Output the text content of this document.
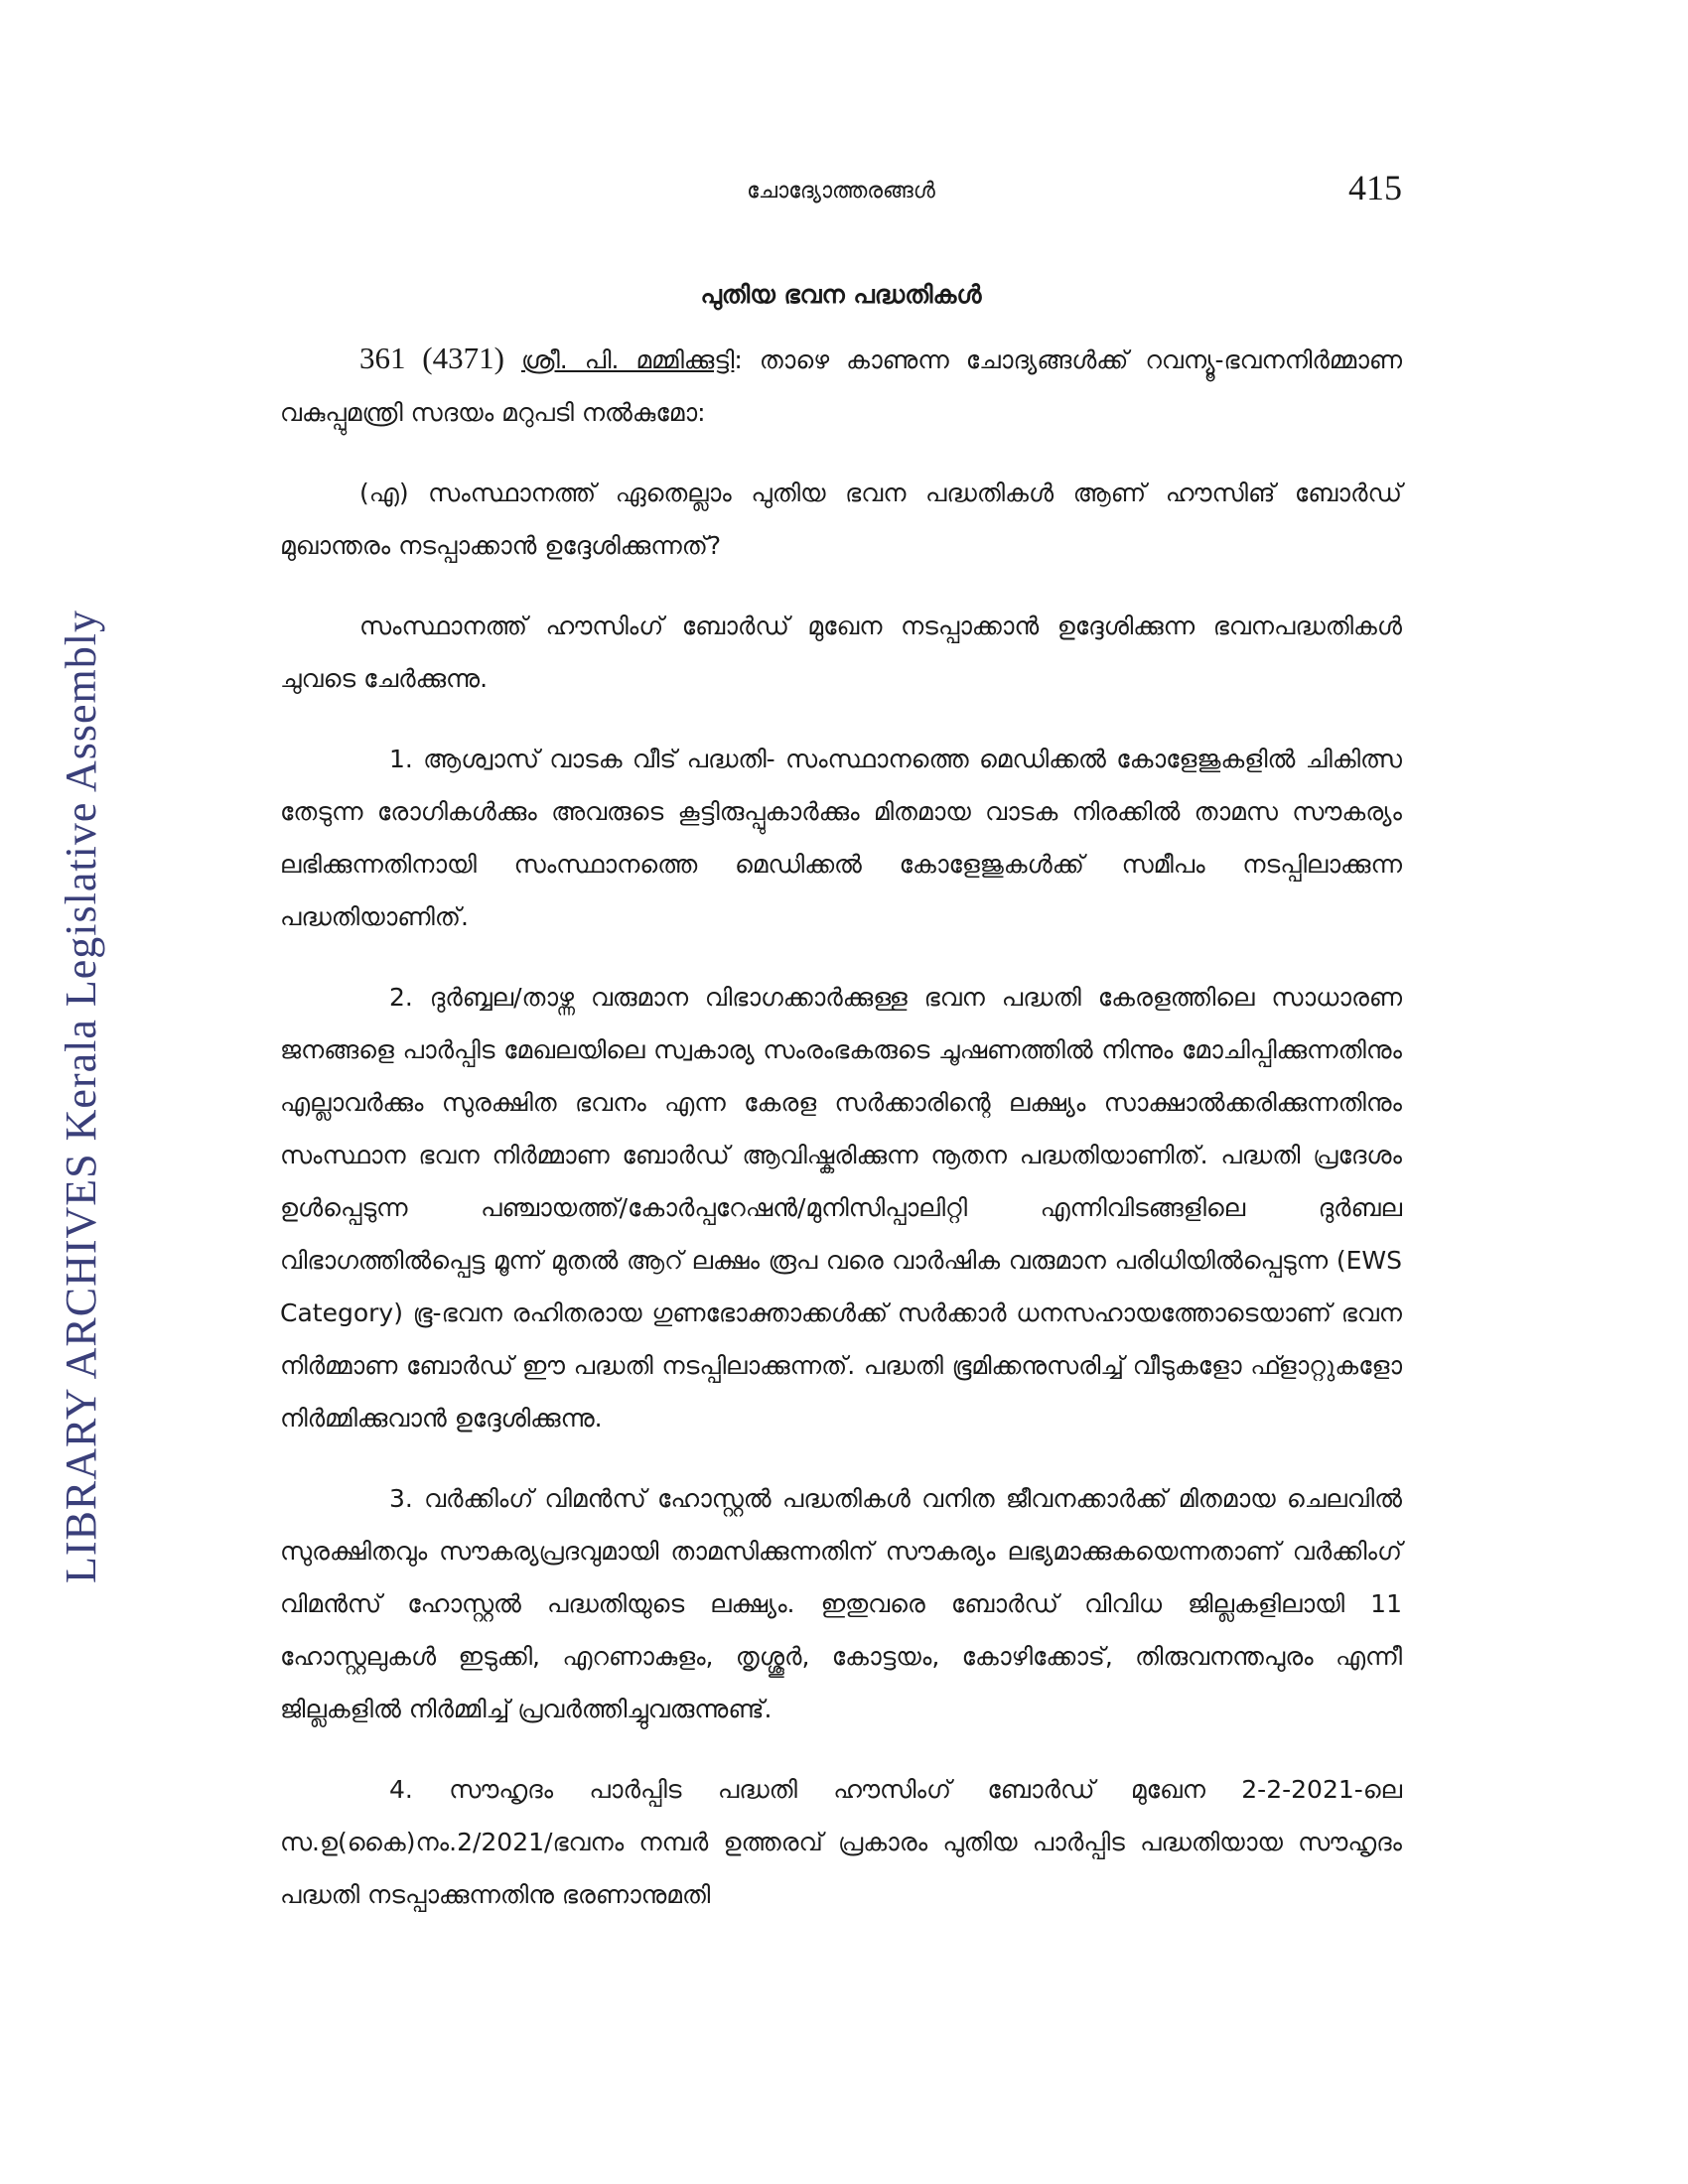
LIBRARY ARCHIVES Kerala Legislative Assembly
ചോദ്യോത്തരങ്ങൾ	415
പുതിയ ഭവന പദ്ധതികൾ

361 (4371) ശ്രീ. പി. മമ്മിക്കുട്ടി: താഴെ കാണുന്ന ചോദ്യങ്ങൾക്ക് റവന്യൂ-ഭവനനിർമ്മാണ വകുപ്പുമന്ത്രി സദയം മറുപടി നൽകുമോ:

(എ) സംസ്ഥാനത്ത് ഏതെല്ലാം പുതിയ ഭവന പദ്ധതികൾ ആണ് ഹൗസിങ് ബോർഡ് മുഖാന്തരം നടപ്പാക്കാൻ ഉദ്ദേശിക്കുന്നത്?

സംസ്ഥാനത്ത് ഹൗസിംഗ് ബോർഡ് മുഖേന നടപ്പാക്കാൻ ഉദ്ദേശിക്കുന്ന ഭവനപദ്ധതികൾ ചുവടെ ചേർക്കുന്നു.

1. ആശ്വാസ് വാടക വീട് പദ്ധതി- സംസ്ഥാനത്തെ മെഡിക്കൽ കോളേജുകളിൽ ചികിത്സ തേടുന്ന രോഗികൾക്കും അവരുടെ കൂട്ടിരുപ്പുകാർക്കും മിതമായ വാടക നിരക്കിൽ താമസ സൗകര്യം ലഭിക്കുന്നതിനായി സംസ്ഥാനത്തെ മെഡിക്കൽ കോളേജുകൾക്ക് സമീപം നടപ്പിലാക്കുന്ന പദ്ധതിയാണിത്.

2. ദുർബ്ബല/താഴ്ന്ന വരുമാന വിഭാഗക്കാർക്കുള്ള ഭവന പദ്ധതി കേരളത്തിലെ സാധാരണ ജനങ്ങളെ പാർപ്പിട മേഖലയിലെ സ്വകാര്യ സംരംഭകരുടെ ചൂഷണത്തിൽ നിന്നും മോചിപ്പിക്കുന്നതിനും എല്ലാവർക്കും സുരക്ഷിത ഭവനം എന്ന കേരള സർക്കാരിന്റെ ലക്ഷ്യം സാക്ഷാൽക്കരിക്കുന്നതിനും സംസ്ഥാന ഭവന നിർമ്മാണ ബോർഡ് ആവിഷ്കരിക്കുന്ന നൂതന പദ്ധതിയാണിത്. പദ്ധതി പ്രദേശം ഉൾപ്പെടുന്ന പഞ്ചായത്ത്/കോർപ്പറേഷൻ/മുനിസിപ്പാലിറ്റി എന്നിവിടങ്ങളിലെ ദുർബല വിഭാഗത്തിൽപ്പെട്ട മൂന്ന് മുതൽ ആറ് ലക്ഷം രൂപ വരെ വാർഷിക വരുമാന പരിധിയിൽപ്പെടുന്ന (EWS Category) ഭൂ-ഭവന രഹിതരായ ഗുണഭോക്താക്കൾക്ക് സർക്കാർ ധനസഹായത്തോടെയാണ് ഭവന നിർമ്മാണ ബോർഡ് ഈ പദ്ധതി നടപ്പിലാക്കുന്നത്. പദ്ധതി ഭൂമിക്കനുസരിച്ച് വീടുകളോ ഫ്ളാറ്റുകളോ നിർമ്മിക്കുവാൻ ഉദ്ദേശിക്കുന്നു.

3. വർക്കിംഗ് വിമൻസ് ഹോസ്റ്റൽ പദ്ധതികൾ വനിത ജീവനക്കാർക്ക് മിതമായ ചെലവിൽ സുരക്ഷിതവും സൗകര്യപ്രദവുമായി താമസിക്കുന്നതിന് സൗകര്യം ലഭ്യമാക്കുകയെന്നതാണ് വർക്കിംഗ് വിമൻസ് ഹോസ്റ്റൽ പദ്ധതിയുടെ ലക്ഷ്യം. ഇതുവരെ ബോർഡ് വിവിധ ജില്ലകളിലായി 11 ഹോസ്റ്റലുകൾ ഇടുക്കി, എറണാകുളം, തൃശ്ശൂർ, കോട്ടയം, കോഴിക്കോട്, തിരുവനന്തപുരം എന്നീ ജില്ലകളിൽ നിർമ്മിച്ച് പ്രവർത്തിച്ചുവരുന്നുണ്ട്.

4. സൗഹൃദം പാർപ്പിട പദ്ധതി ഹൗസിംഗ് ബോർഡ് മുഖേന 2-2-2021-ലെ സ.ഉ(കൈ)നം.2/2021/ഭവനം നമ്പർ ഉത്തരവ് പ്രകാരം പുതിയ പാർപ്പിട പദ്ധതിയായ സൗഹൃദം പദ്ധതി നടപ്പാക്കുന്നതിനു ഭരണാനുമതി
